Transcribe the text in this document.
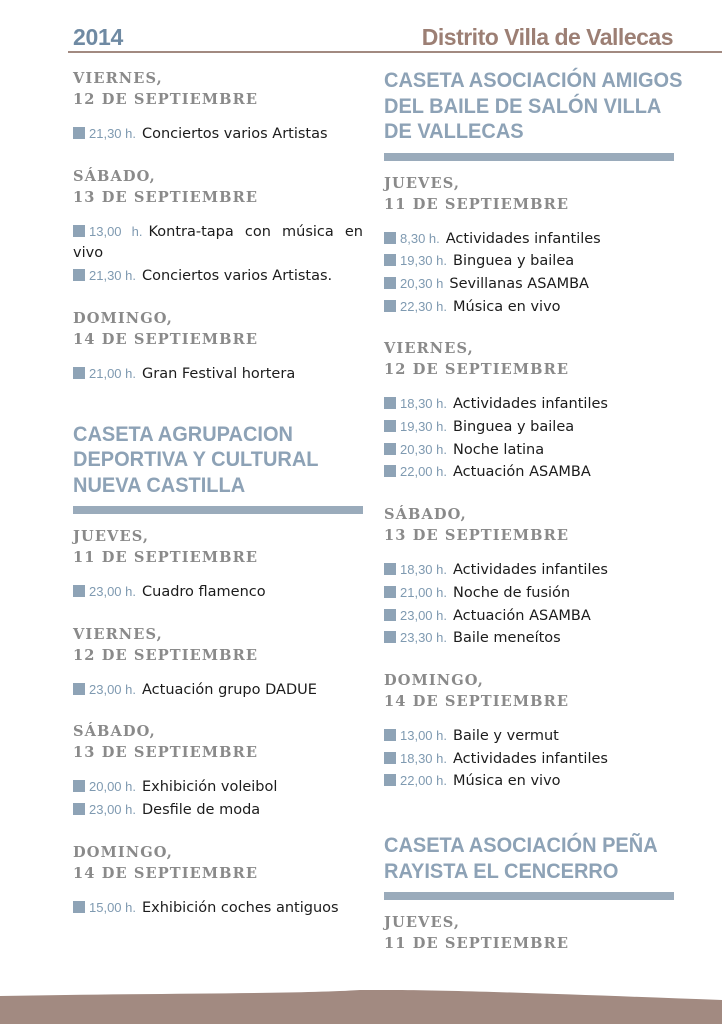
2014	Distrito Villa de Vallecas
VIERNES,
12 DE SEPTIEMBRE
21,30 h. Conciertos varios Artistas
SÁBADO,
13 DE SEPTIEMBRE
13,00 h. Kontra-tapa con música en vivo
21,30 h. Conciertos varios Artistas.
DOMINGO,
14 DE SEPTIEMBRE
21,00 h. Gran Festival hortera
CASETA AGRUPACION
DEPORTIVA Y CULTURAL
NUEVA CASTILLA
JUEVES,
11 DE SEPTIEMBRE
23,00 h. Cuadro flamenco
VIERNES,
12 DE SEPTIEMBRE
23,00 h. Actuación grupo DADUE
SÁBADO,
13 DE SEPTIEMBRE
20,00 h. Exhibición voleibol
23,00 h. Desfile de moda
DOMINGO,
14 DE SEPTIEMBRE
15,00 h. Exhibición coches antiguos
CASETA ASOCIACIÓN AMIGOS
DEL BAILE DE SALÓN VILLA
DE VALLECAS
JUEVES,
11 DE SEPTIEMBRE
8,30 h. Actividades infantiles
19,30 h. Binguea y bailea
20,30 h Sevillanas ASAMBA
22,30 h. Música en vivo
VIERNES,
12 DE SEPTIEMBRE
18,30 h. Actividades infantiles
19,30 h. Binguea y bailea
20,30 h. Noche latina
22,00 h. Actuación ASAMBA
SÁBADO,
13 DE SEPTIEMBRE
18,30 h. Actividades infantiles
21,00 h. Noche de fusión
23,00 h. Actuación ASAMBA
23,30 h. Baile meneítos
DOMINGO,
14 DE SEPTIEMBRE
13,00 h. Baile y vermut
18,30 h. Actividades infantiles
22,00 h. Música en vivo
CASETA ASOCIACIÓN PEÑA
RAYISTA EL CENCERRO
JUEVES,
11 DE SEPTIEMBRE
